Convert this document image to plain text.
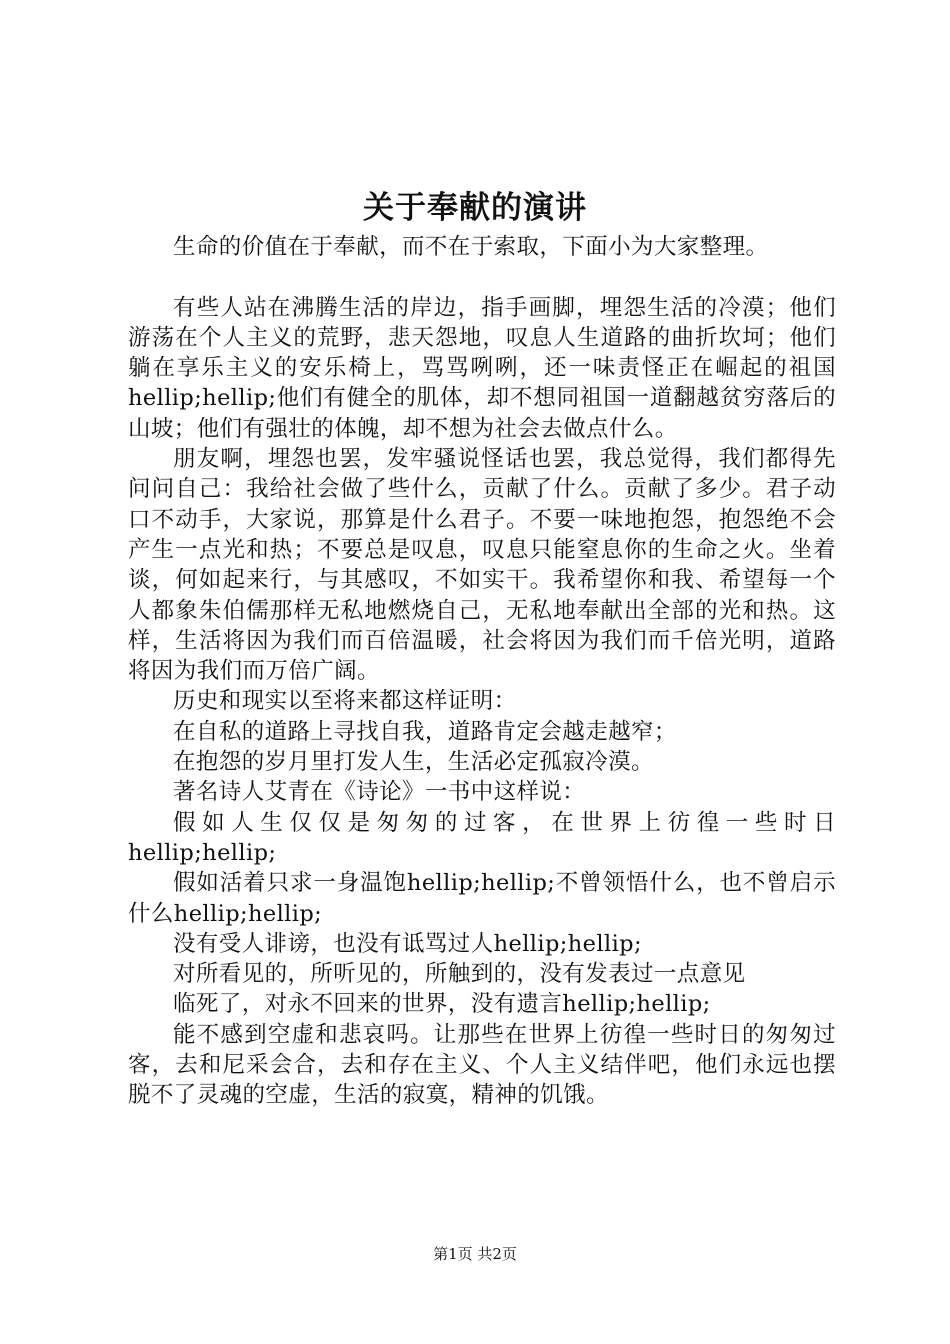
关于奉献的演讲

生命的价值在于奉献，而不在于索取，下面小为大家整理。

有些人站在沸腾生活的岸边，指手画脚，埋怨生活的冷漠；他们游荡在个人主义的荒野，悲天怨地，叹息人生道路的曲折坎坷；他们躺在享乐主义的安乐椅上，骂骂咧咧，还一味责怪正在崛起的祖国hellip;hellip;他们有健全的肌体，却不想同祖国一道翻越贫穷落后的山坡；他们有强壮的体魄，却不想为社会去做点什么。

朋友啊，埋怨也罢，发牢骚说怪话也罢，我总觉得，我们都得先问问自己：我给社会做了些什么，贡献了什么。贡献了多少。君子动口不动手，大家说，那算是什么君子。不要一味地抱怨，抱怨绝不会产生一点光和热；不要总是叹息，叹息只能窒息你的生命之火。坐着谈，何如起来行，与其感叹，不如实干。我希望你和我、希望每一个人都象朱伯儒那样无私地燃烧自己，无私地奉献出全部的光和热。这样，生活将因为我们而百倍温暖，社会将因为我们而千倍光明，道路将因为我们而万倍广阔。

历史和现实以至将来都这样证明：

在自私的道路上寻找自我，道路肯定会越走越窄；

在抱怨的岁月里打发人生，生活必定孤寂冷漠。

著名诗人艾青在《诗论》一书中这样说：

假如人生仅仅是匆匆的过客，在世界上彷徨一些时日hellip;hellip;

假如活着只求一身温饱hellip;hellip;不曾领悟什么，也不曾启示什么hellip;hellip;

没有受人诽谤，也没有诋骂过人hellip;hellip;

对所看见的，所听见的，所触到的，没有发表过一点意见

临死了，对永不回来的世界，没有遗言hellip;hellip;

能不感到空虚和悲哀吗。让那些在世界上彷徨一些时日的匆匆过客，去和尼采会合，去和存在主义、个人主义结伴吧，他们永远也摆脱不了灵魂的空虚，生活的寂寞，精神的饥饿。

第1页 共2页
